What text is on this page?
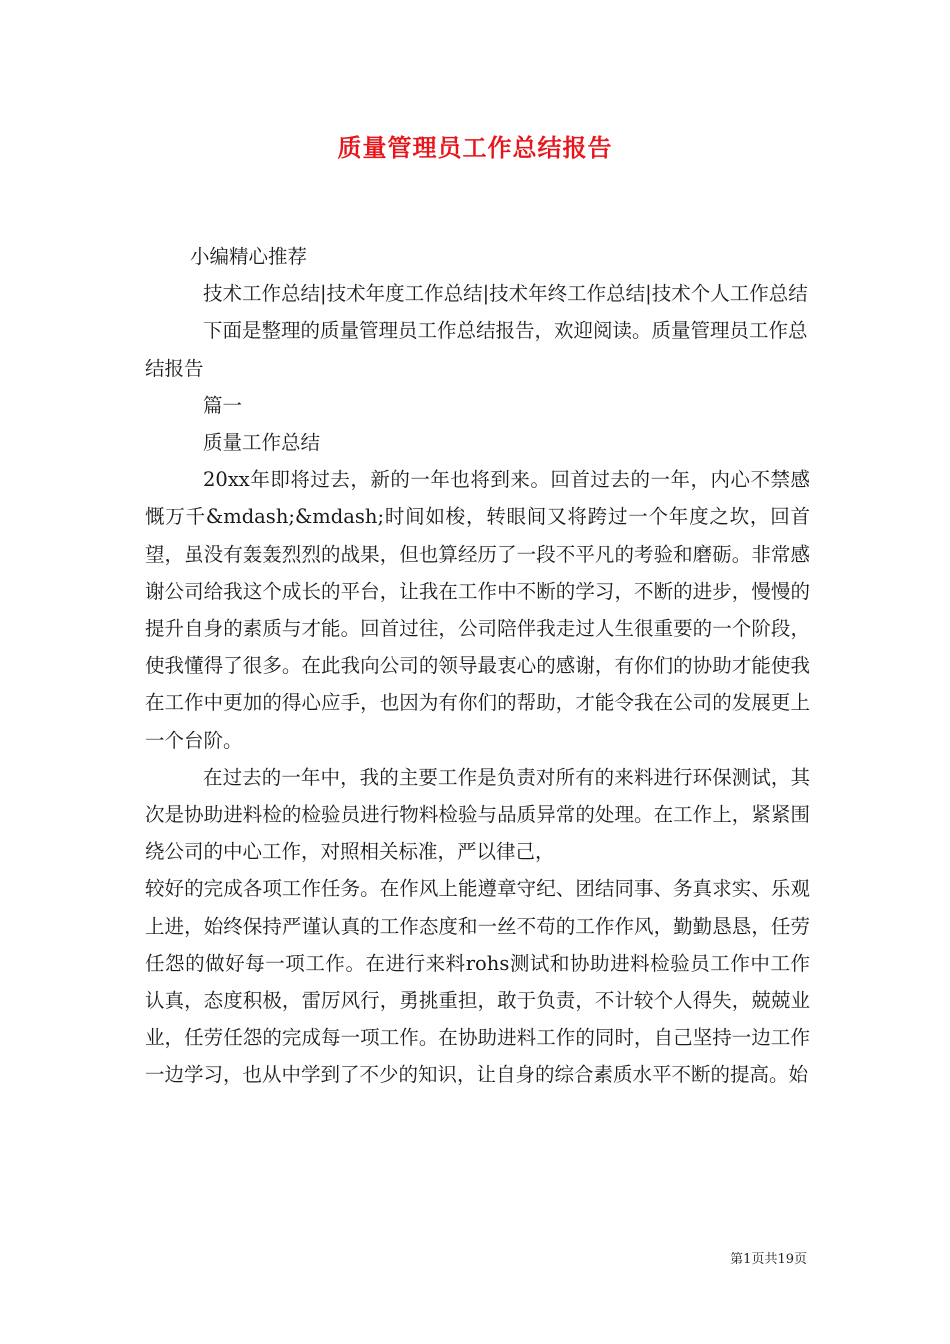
质量管理员工作总结报告

小编精心推荐

技术工作总结|技术年度工作总结|技术年终工作总结|技术个人工作总结

下面是整理的质量管理员工作总结报告，欢迎阅读。质量管理员工作总结报告

篇一

质量工作总结

20xx年即将过去，新的一年也将到来。回首过去的一年，内心不禁感慨万千&mdash;&mdash;时间如梭，转眼间又将跨过一个年度之坎，回首望，虽没有轰轰烈烈的战果，但也算经历了一段不平凡的考验和磨砺。非常感谢公司给我这个成长的平台，让我在工作中不断的学习，不断的进步，慢慢的提升自身的素质与才能。回首过往，公司陪伴我走过人生很重要的一个阶段，使我懂得了很多。在此我向公司的领导最衷心的感谢，有你们的协助才能使我在工作中更加的得心应手，也因为有你们的帮助，才能令我在公司的发展更上一个台阶。

在过去的一年中，我的主要工作是负责对所有的来料进行环保测试，其次是协助进料检的检验员进行物料检验与品质异常的处理。在工作上，紧紧围绕公司的中心工作，对照相关标准，严以律己，

较好的完成各项工作任务。在作风上能遵章守纪、团结同事、务真求实、乐观上进，始终保持严谨认真的工作态度和一丝不苟的工作作风，勤勤恳恳，任劳任怨的做好每一项工作。在进行来料rohs测试和协助进料检验员工作中工作认真，态度积极，雷厉风行，勇挑重担，敢于负责，不计较个人得失，兢兢业业，任劳任怨的完成每一项工作。在协助进料工作的同时，自己坚持一边工作一边学习，也从中学到了不少的知识，让自身的综合素质水平不断的提高。始

第1页共19页
